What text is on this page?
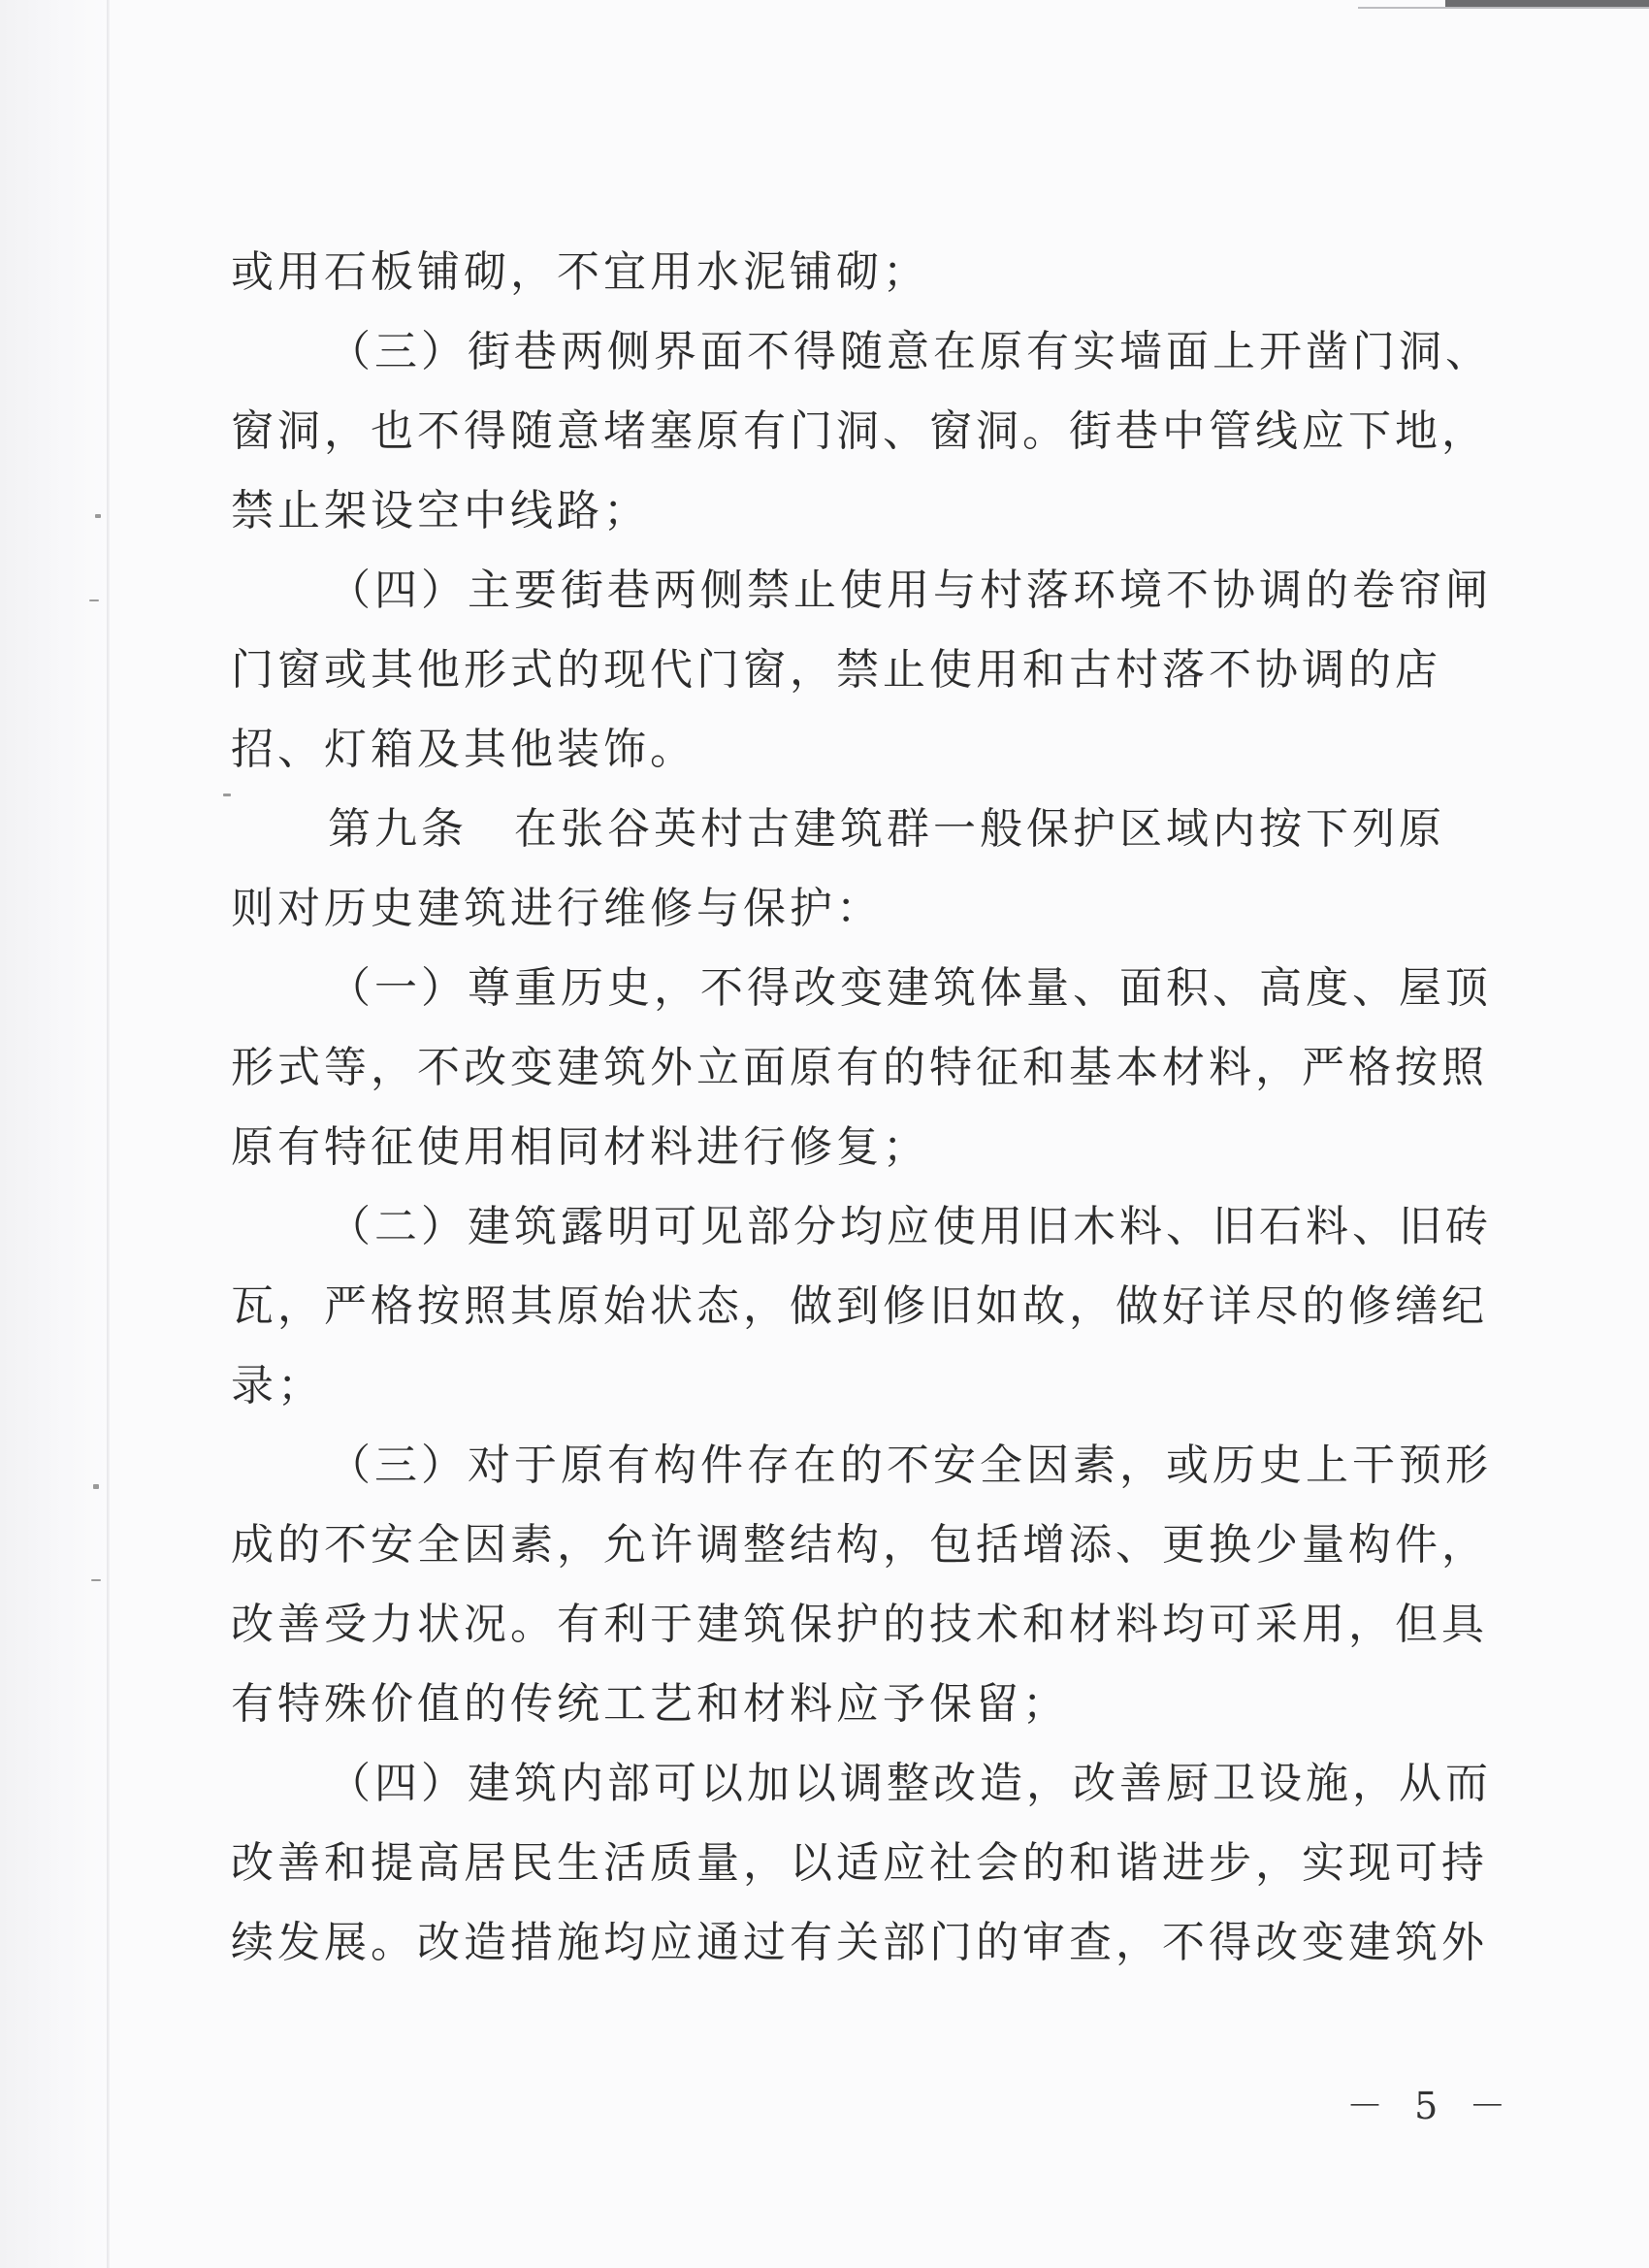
或用石板铺砌，不宜用水泥铺砌；
（三）街巷两侧界面不得随意在原有实墙面上开凿门洞、
窗洞，也不得随意堵塞原有门洞、窗洞。街巷中管线应下地，
禁止架设空中线路；
（四）主要街巷两侧禁止使用与村落环境不协调的卷帘闸
门窗或其他形式的现代门窗，禁止使用和古村落不协调的店
招、灯箱及其他装饰。
第九条　在张谷英村古建筑群一般保护区域内按下列原
则对历史建筑进行维修与保护：
（一）尊重历史，不得改变建筑体量、面积、高度、屋顶
形式等，不改变建筑外立面原有的特征和基本材料，严格按照
原有特征使用相同材料进行修复；
（二）建筑露明可见部分均应使用旧木料、旧石料、旧砖
瓦，严格按照其原始状态，做到修旧如故，做好详尽的修缮纪
录；
（三）对于原有构件存在的不安全因素，或历史上干预形
成的不安全因素，允许调整结构，包括增添、更换少量构件，
改善受力状况。有利于建筑保护的技术和材料均可采用，但具
有特殊价值的传统工艺和材料应予保留；
（四）建筑内部可以加以调整改造，改善厨卫设施，从而
改善和提高居民生活质量，以适应社会的和谐进步，实现可持
续发展。改造措施均应通过有关部门的审查，不得改变建筑外
－ 5 －
